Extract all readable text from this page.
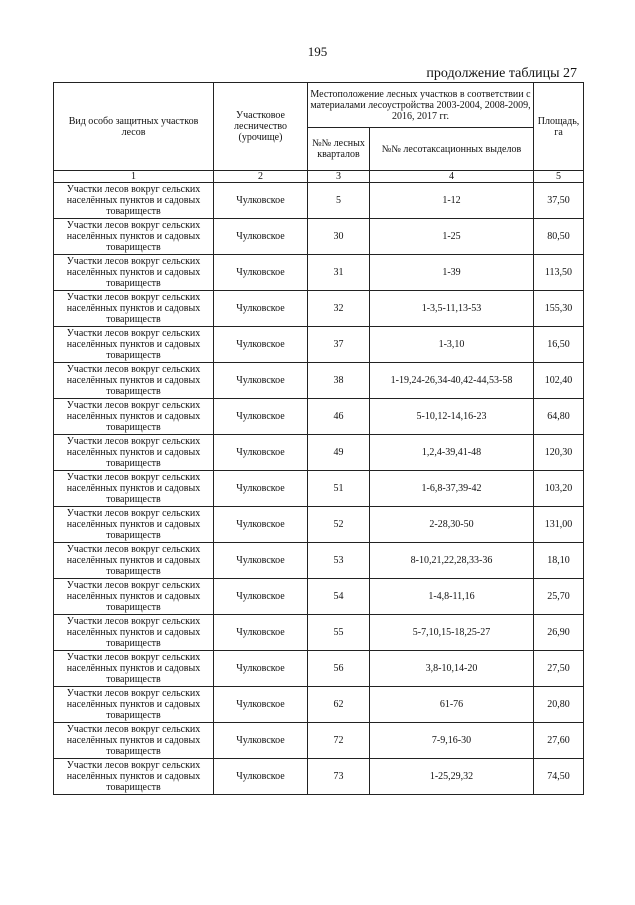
195
продолжение таблицы 27
Вид особо защитных участков лесов	Участковое лесничество (урочище)	Местоположение лесных участков в соответствии с материалами лесоустройства 2003-2004, 2008-2009, 2016, 2017 гг.		Площадь, га
		№№ лесных кварталов	№№ лесотаксационных выделов	
1	2	3	4	5
Участки лесов вокруг сельских населённых пунктов и садовых товариществ	Чулковское	5	1-12	37,50
Участки лесов вокруг сельских населённых пунктов и садовых товариществ	Чулковское	30	1-25	80,50
Участки лесов вокруг сельских населённых пунктов и садовых товариществ	Чулковское	31	1-39	113,50
Участки лесов вокруг сельских населённых пунктов и садовых товариществ	Чулковское	32	1-3,5-11,13-53	155,30
Участки лесов вокруг сельских населённых пунктов и садовых товариществ	Чулковское	37	1-3,10	16,50
Участки лесов вокруг сельских населённых пунктов и садовых товариществ	Чулковское	38	1-19,24-26,34-40,42-44,53-58	102,40
Участки лесов вокруг сельских населённых пунктов и садовых товариществ	Чулковское	46	5-10,12-14,16-23	64,80
Участки лесов вокруг сельских населённых пунктов и садовых товариществ	Чулковское	49	1,2,4-39,41-48	120,30
Участки лесов вокруг сельских населённых пунктов и садовых товариществ	Чулковское	51	1-6,8-37,39-42	103,20
Участки лесов вокруг сельских населённых пунктов и садовых товариществ	Чулковское	52	2-28,30-50	131,00
Участки лесов вокруг сельских населённых пунктов и садовых товариществ	Чулковское	53	8-10,21,22,28,33-36	18,10
Участки лесов вокруг сельских населённых пунктов и садовых товариществ	Чулковское	54	1-4,8-11,16	25,70
Участки лесов вокруг сельских населённых пунктов и садовых товариществ	Чулковское	55	5-7,10,15-18,25-27	26,90
Участки лесов вокруг сельских населённых пунктов и садовых товариществ	Чулковское	56	3,8-10,14-20	27,50
Участки лесов вокруг сельских населённых пунктов и садовых товариществ	Чулковское	62	61-76	20,80
Участки лесов вокруг сельских населённых пунктов и садовых товариществ	Чулковское	72	7-9,16-30	27,60
Участки лесов вокруг сельских населённых пунктов и садовых товариществ	Чулковское	73	1-25,29,32	74,50
